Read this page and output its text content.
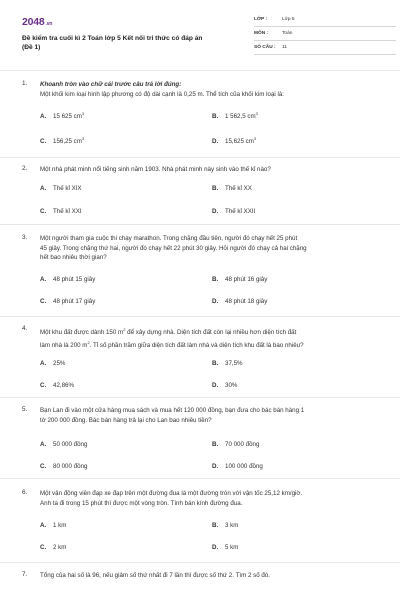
2048.vn
Đề kiểm tra cuối kì 2 Toán lớp 5 Kết nối tri thức có đáp án
(Đề 1)
LỚP :	Lớp 5
MÔN :	Toán
SỐ CÂU : 11
1. Khoanh tròn vào chữ cái trước câu trả lời đúng:
Một khối kim loại hình lập phương có độ dài cạnh là 0,25 m. Thể tích của khối kim loại là:
A. 15 625 $cm^3$	B. 1 562,5 $cm^3$
C. 156,25 $cm^3$	D. 15,625 $cm^3$
2. Một nhà phát minh nổi tiếng sinh năm 1903. Nhà phát minh này sinh vào thế kỉ nào?
A. Thế kỉ XIX	B. Thế kỉ XX
C. Thế kỉ XXI	D. Thế kỉ XXII
3. Một người tham gia cuộc thi chạy marathon. Trong chặng đầu tiên, người đó chạy hết 25 phút
45 giây. Trong chặng thứ hai, người đó chạy hết 22 phút 30 giây. Hỏi người đó chạy cả hai chặng
hết bao nhiêu thời gian?
A. 48 phút 15 giây	B. 48 phút 16 giây
C. 48 phút 17 giây	D. 48 phút 18 giây
4.
Một khu đất được dành 150 $m^2$ để xây dựng nhà. Diện tích đất còn lại nhiều hơn diện tích đất
làm nhà là 200 $m^2$. Tỉ số phần trăm giữa diện tích đất làm nhà và diện tích khu đất là bao nhiêu?
A. 25%	B. 37,5%
C. 42,86%	D. 30%
5. Bạn Lan đi vào một cửa hàng mua sách và mua hết 120 000 đồng, bạn đưa cho bác bán hàng 1
tờ 200 000 đồng. Bác bán hàng trả lại cho Lan bao nhiêu tiền?
A. 50 000 đồng	B. 70 000 đồng
C. 80 000 đồng	D. 100 000 đồng
6. Một vận động viên đạp xe đạp trên một đường đua là một đường tròn với vận tốc 25,12 km/giờ.
Anh ta đi trong 15 phút thì được một vòng tròn. Tính bán kính đường đua.
A. 1 km	B. 3 km
C. 2 km	D. 5 km
7. Tổng của hai số là 96, nếu giảm số thứ nhất đi 7 lần thì được số thứ 2. Tìm 2 số đó.
